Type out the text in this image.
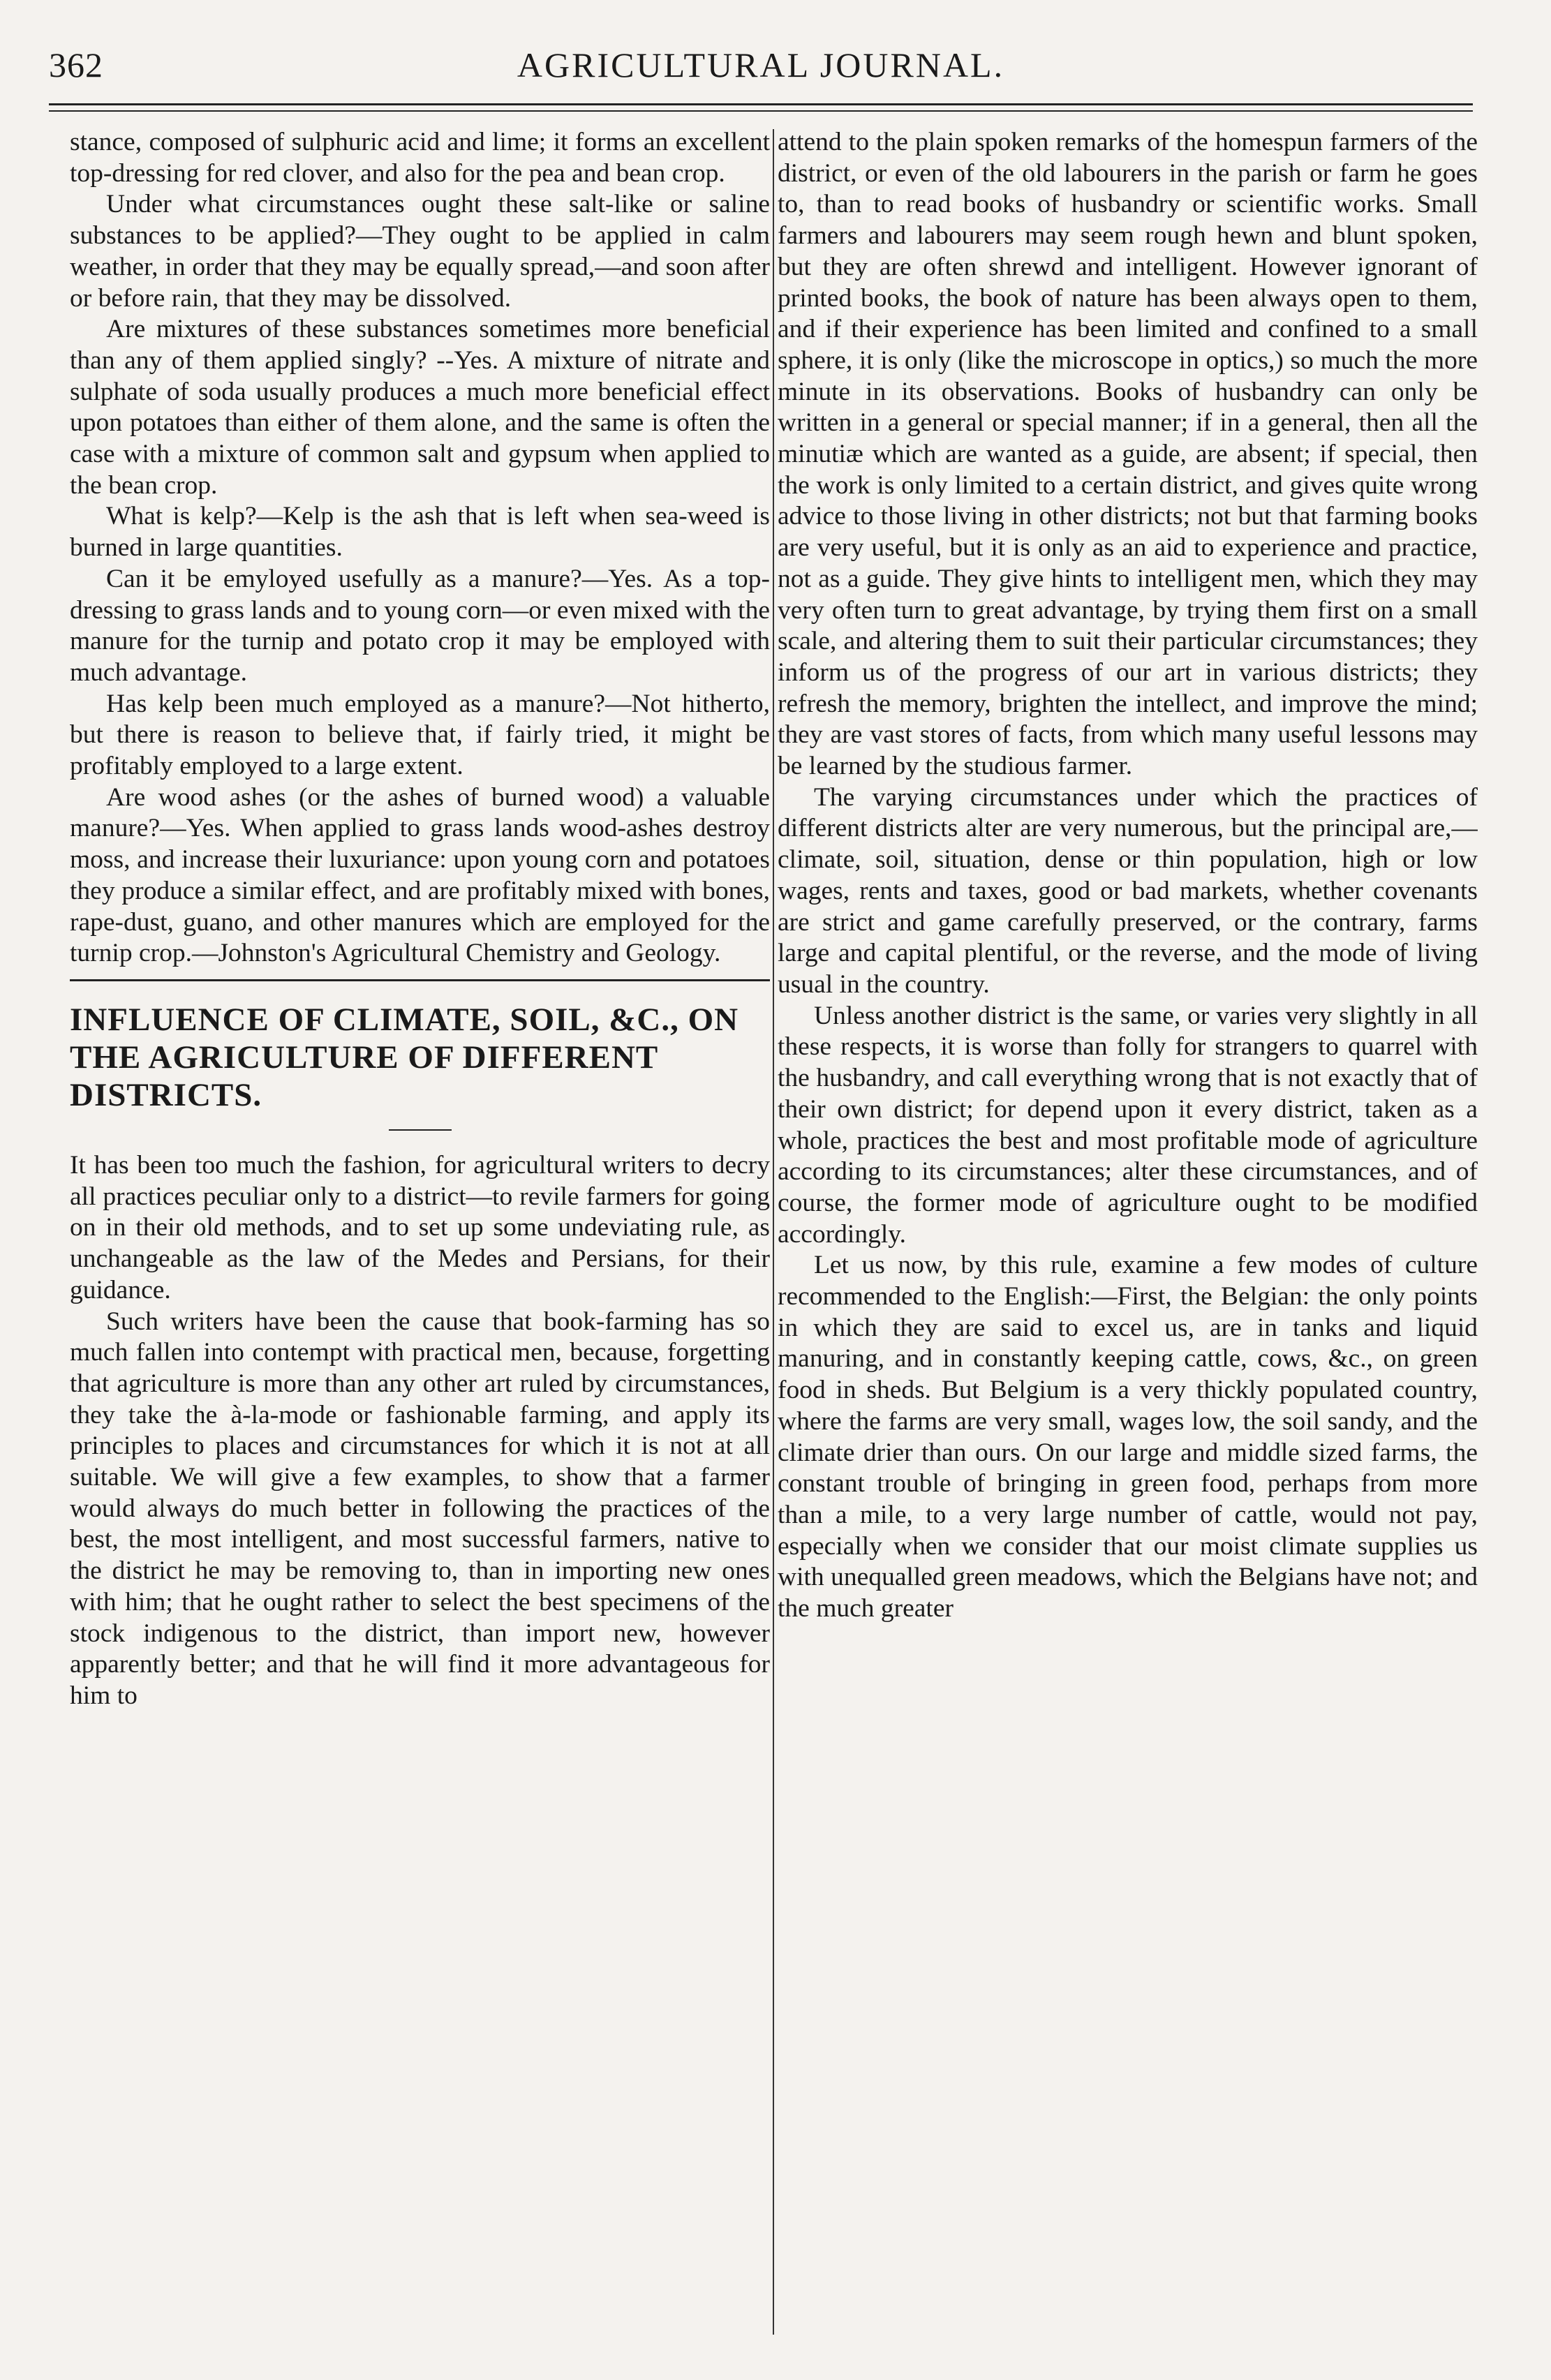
362	AGRICULTURAL JOURNAL.

stance, composed of sulphuric acid and lime; it forms an excellent top-dressing for red clover, and also for the pea and bean crop.

Under what circumstances ought these salt-like or saline substances to be applied?—They ought to be applied in calm weather, in order that they may be equally spread,—and soon after or before rain, that they may be dissolved.

Are mixtures of these substances sometimes more beneficial than any of them applied singly? --Yes. A mixture of nitrate and sulphate of soda usually produces a much more beneficial effect upon potatoes than either of them alone, and the same is often the case with a mixture of common salt and gypsum when applied to the bean crop.

What is kelp?—Kelp is the ash that is left when sea-weed is burned in large quantities.

Can it be emyloyed usefully as a manure?—Yes. As a top-dressing to grass lands and to young corn—or even mixed with the manure for the turnip and potato crop it may be employed with much advantage.

Has kelp been much employed as a manure?—Not hitherto, but there is reason to believe that, if fairly tried, it might be profitably employed to a large extent.

Are wood ashes (or the ashes of burned wood) a valuable manure?—Yes. When applied to grass lands wood-ashes destroy moss, and increase their luxuriance: upon young corn and potatoes they produce a similar effect, and are profitably mixed with bones, rape-dust, guano, and other manures which are employed for the turnip crop.—Johnston's Agricultural Chemistry and Geology.

INFLUENCE OF CLIMATE, SOIL, &C., ON THE AGRICULTURE OF DIFFERENT DISTRICTS.

It has been too much the fashion, for agricultural writers to decry all practices peculiar only to a district—to revile farmers for going on in their old methods, and to set up some undeviating rule, as unchangeable as the law of the Medes and Persians, for their guidance.

Such writers have been the cause that book-farming has so much fallen into contempt with practical men, because, forgetting that agriculture is more than any other art ruled by circumstances, they take the à-la-mode or fashionable farming, and apply its principles to places and circumstances for which it is not at all suitable. We will give a few examples, to show that a farmer would always do much better in following the practices of the best, the most intelligent, and most successful farmers, native to the district he may be removing to, than in importing new ones with him; that he ought rather to select the best specimens of the stock indigenous to the district, than import new, however apparently better; and that he will find it more advantageous for him to

attend to the plain spoken remarks of the homespun farmers of the district, or even of the old labourers in the parish or farm he goes to, than to read books of husbandry or scientific works. Small farmers and labourers may seem rough hewn and blunt spoken, but they are often shrewd and intelligent. However ignorant of printed books, the book of nature has been always open to them, and if their experience has been limited and confined to a small sphere, it is only (like the microscope in optics,) so much the more minute in its observations. Books of husbandry can only be written in a general or special manner; if in a general, then all the minutiæ which are wanted as a guide, are absent; if special, then the work is only limited to a certain district, and gives quite wrong advice to those living in other districts; not but that farming books are very useful, but it is only as an aid to experience and practice, not as a guide. They give hints to intelligent men, which they may very often turn to great advantage, by trying them first on a small scale, and altering them to suit their particular circumstances; they inform us of the progress of our art in various districts; they refresh the memory, brighten the intellect, and improve the mind; they are vast stores of facts, from which many useful lessons may be learned by the studious farmer.

The varying circumstances under which the practices of different districts alter are very numerous, but the principal are,—climate, soil, situation, dense or thin population, high or low wages, rents and taxes, good or bad markets, whether covenants are strict and game carefully preserved, or the contrary, farms large and capital plentiful, or the reverse, and the mode of living usual in the country.

Unless another district is the same, or varies very slightly in all these respects, it is worse than folly for strangers to quarrel with the husbandry, and call everything wrong that is not exactly that of their own district; for depend upon it every district, taken as a whole, practices the best and most profitable mode of agriculture according to its circumstances; alter these circumstances, and of course, the former mode of agriculture ought to be modified accordingly.

Let us now, by this rule, examine a few modes of culture recommended to the English:—First, the Belgian: the only points in which they are said to excel us, are in tanks and liquid manuring, and in constantly keeping cattle, cows, &c., on green food in sheds. But Belgium is a very thickly populated country, where the farms are very small, wages low, the soil sandy, and the climate drier than ours. On our large and middle sized farms, the constant trouble of bringing in green food, perhaps from more than a mile, to a very large number of cattle, would not pay, especially when we consider that our moist climate supplies us with unequalled green meadows, which the Belgians have not; and the much greater
